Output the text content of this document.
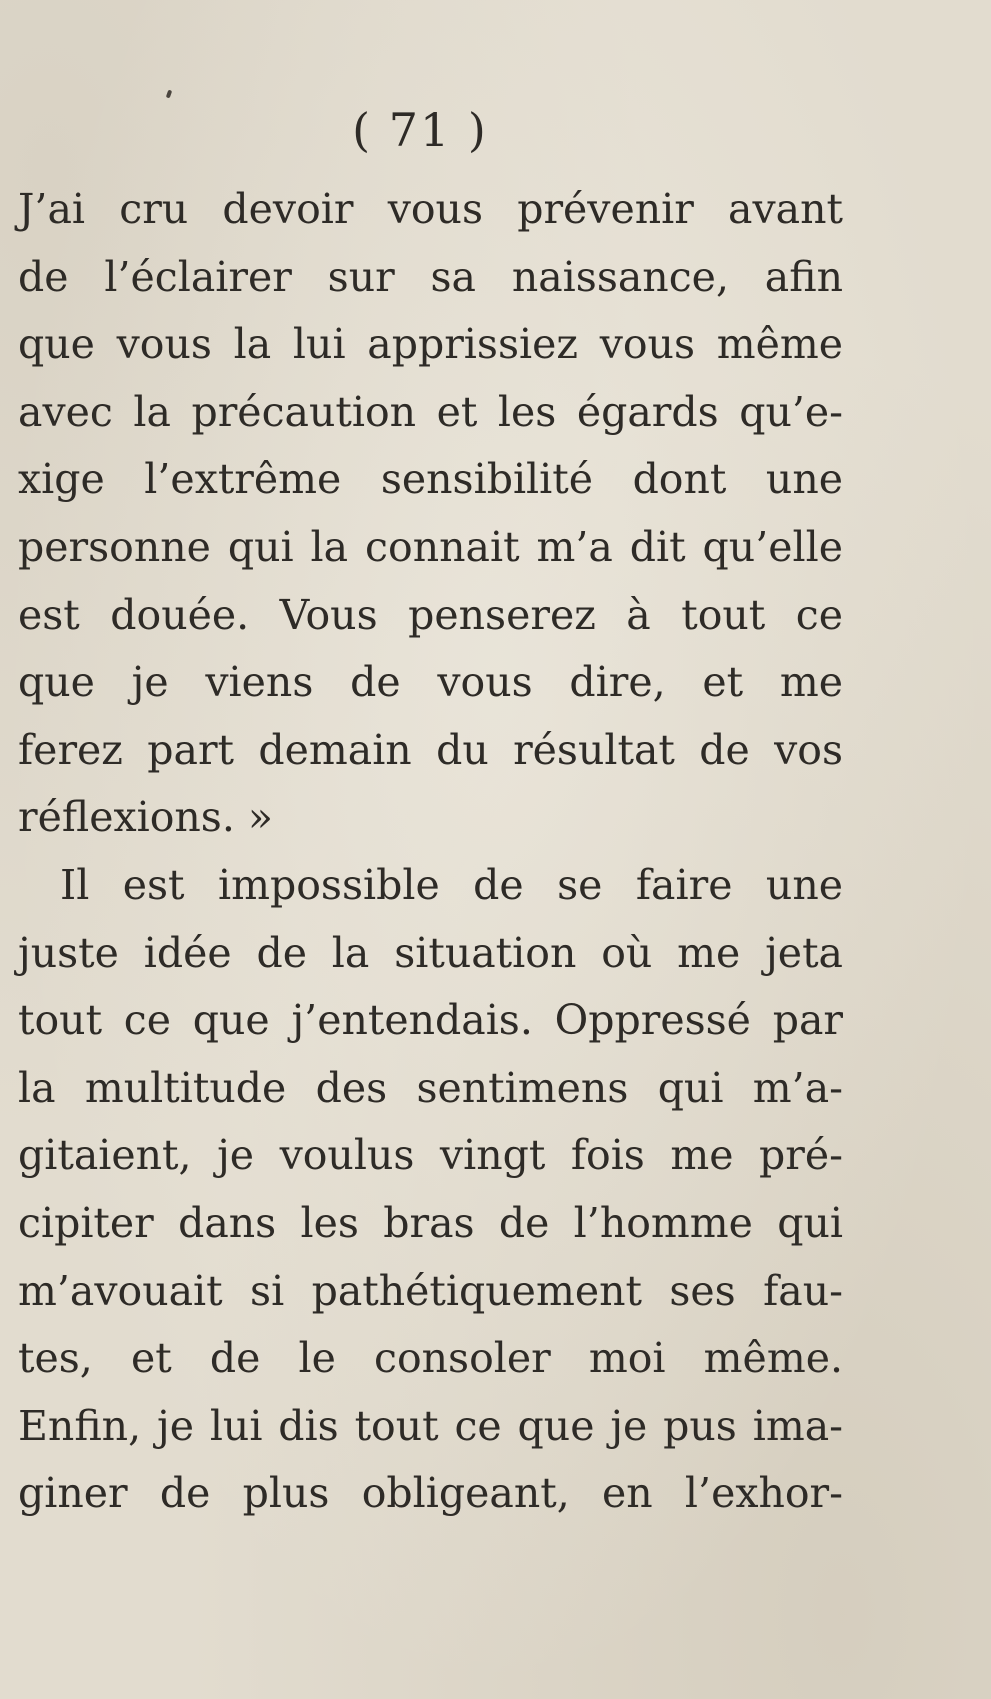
( 71 )
J’ai cru devoir vous prévenir avant
de l’éclairer sur sa naissance, afin
que vous la lui apprissiez vous même
avec la précaution et les égards qu’e-
xige l’extrême sensibilité dont une
personne qui la connait m’a dit qu’elle
est douée. Vous penserez à tout ce
que je viens de vous dire, et me
ferez part demain du résultat de vos
réflexions. »
Il est impossible de se faire une
juste idée de la situation où me jeta
tout ce que j’entendais. Oppressé par
la multitude des sentimens qui m’a-
gitaient, je voulus vingt fois me pré-
cipiter dans les bras de l’homme qui
m’avouait si pathétiquement ses fau-
tes, et de le consoler moi même.
Enfin, je lui dis tout ce que je pus ima-
giner de plus obligeant, en l’exhor-
